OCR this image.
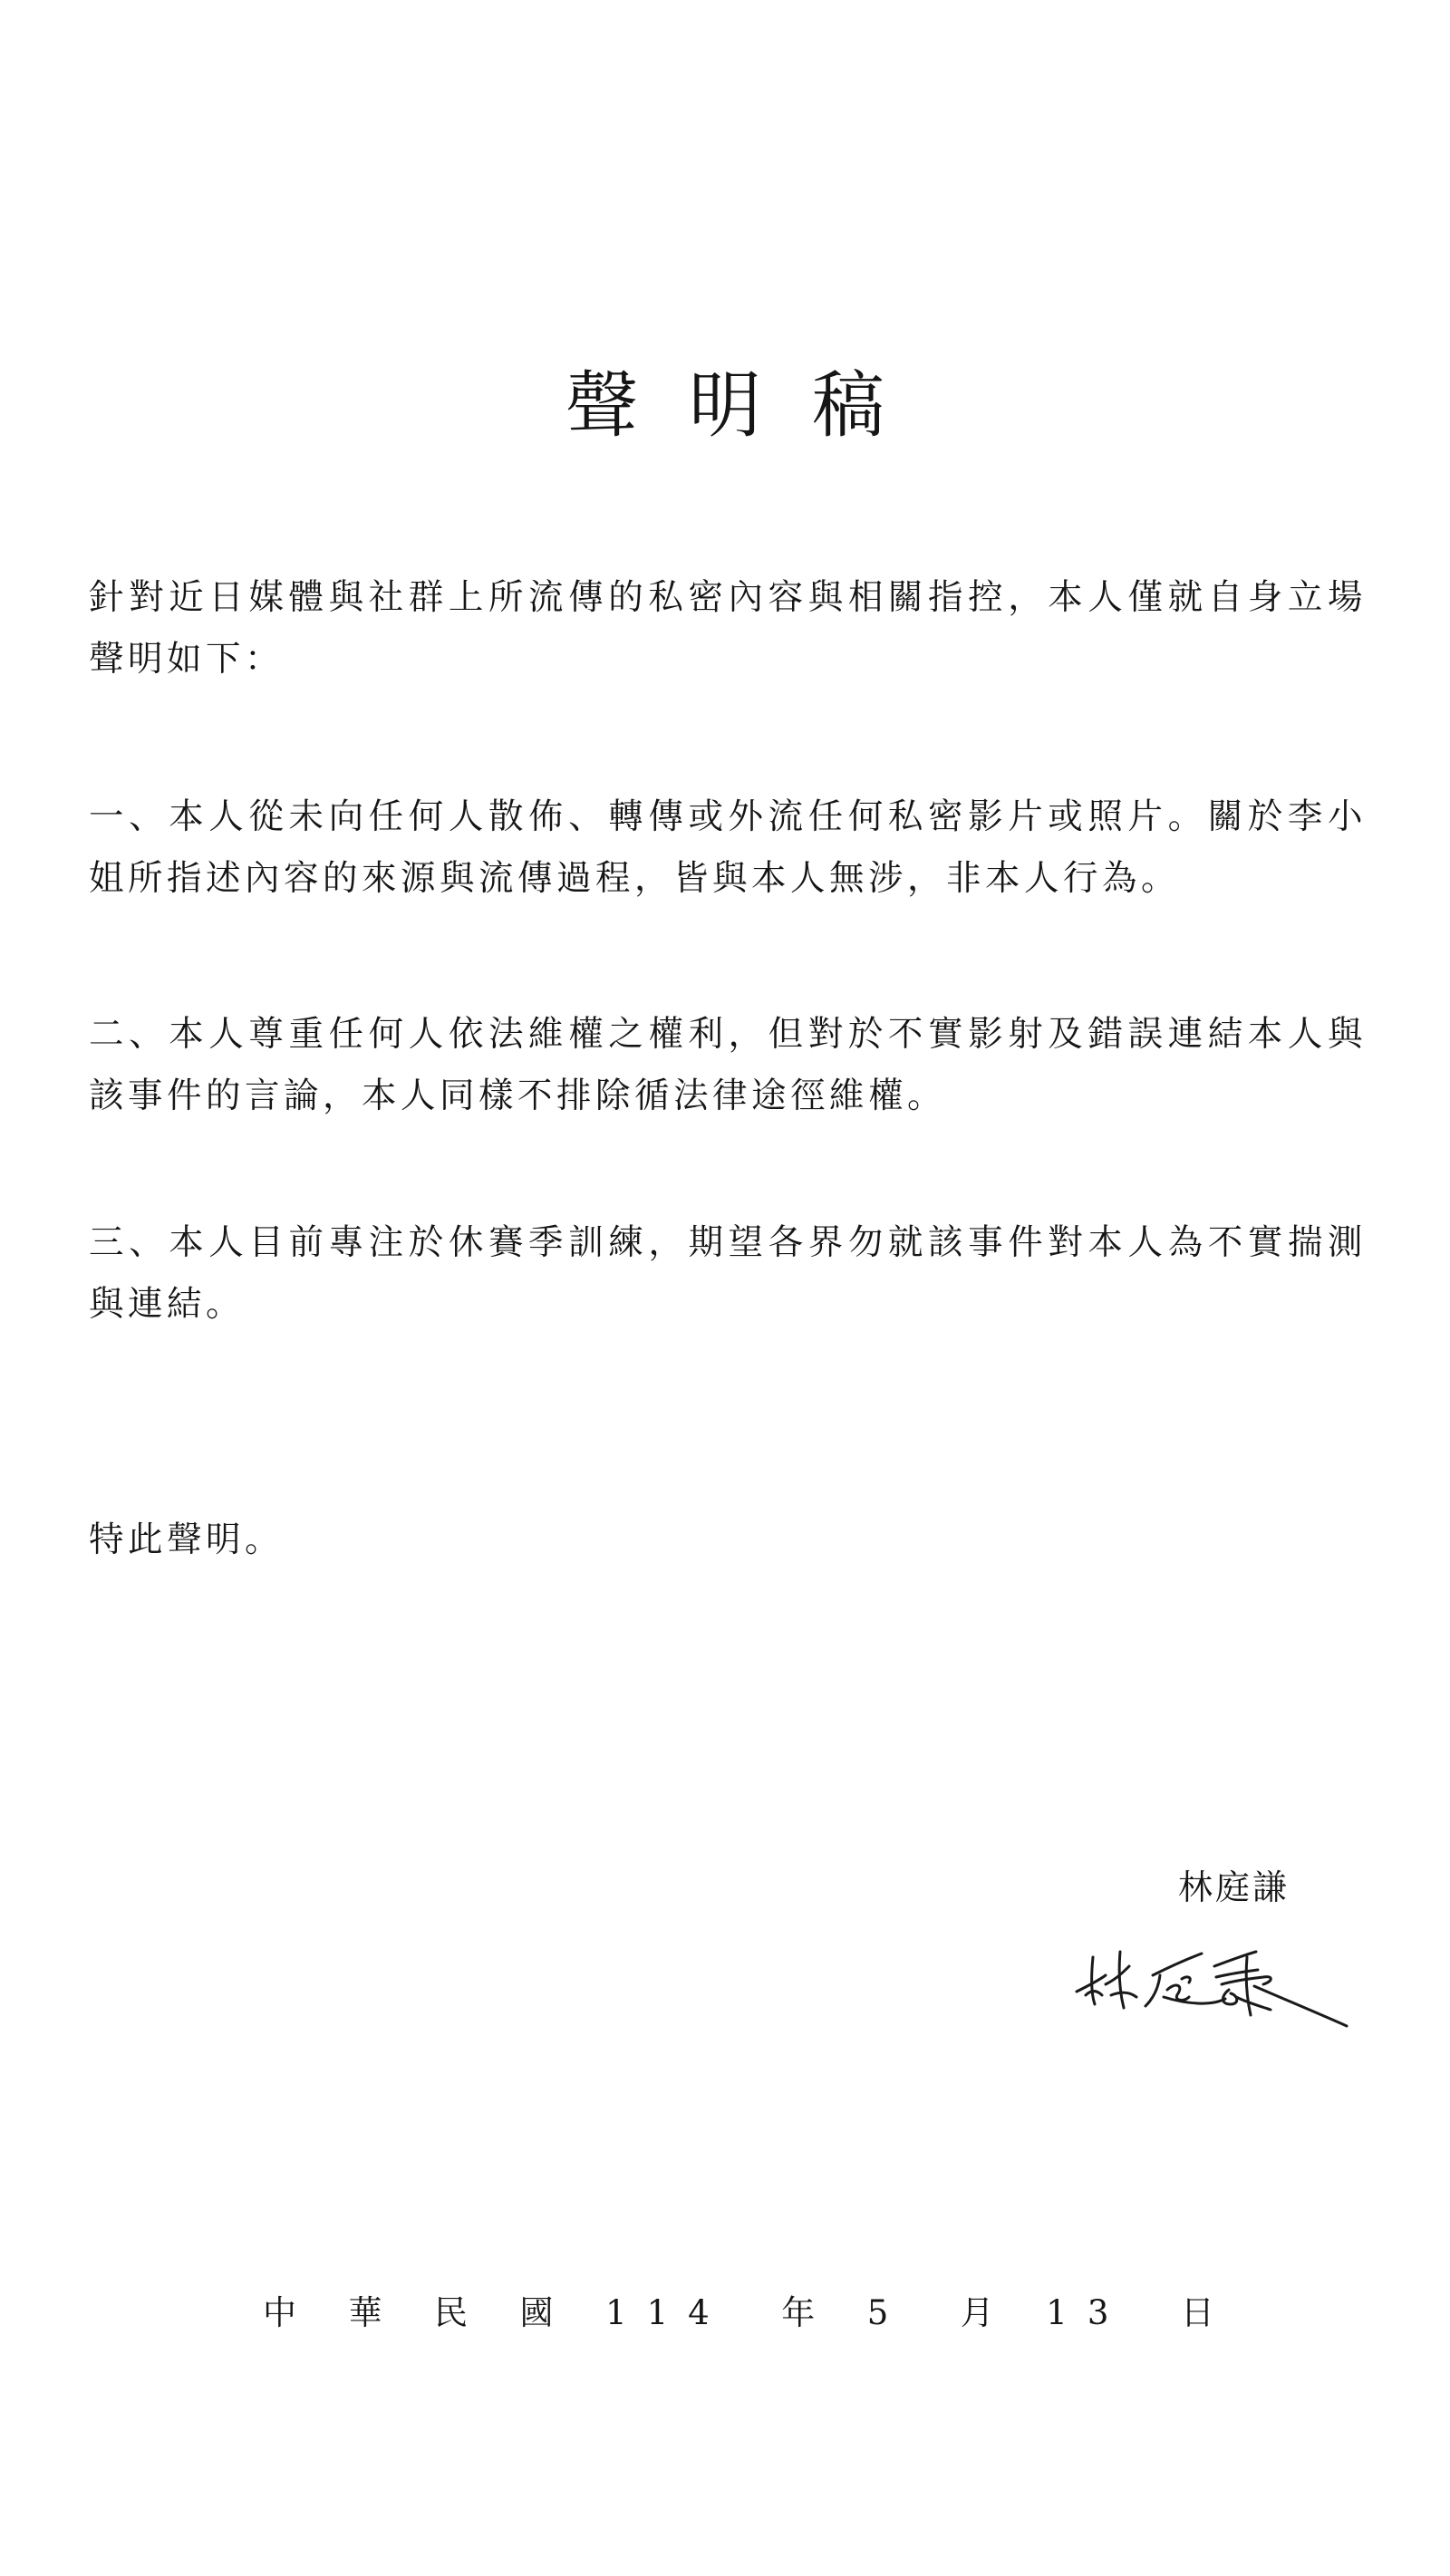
聲明稿

針對近日媒體與社群上所流傳的私密內容與相關指控，本人僅就自身立場聲明如下：

一、本人從未向任何人散佈、轉傳或外流任何私密影片或照片。關於李小姐所指述內容的來源與流傳過程，皆與本人無涉，非本人行為。

二、本人尊重任何人依法維權之權利，但對於不實影射及錯誤連結本人與該事件的言論，本人同樣不排除循法律途徑維權。

三、本人目前專注於休賽季訓練，期望各界勿就該事件對本人為不實揣測與連結。

特此聲明。

林庭謙
中 華 民 國 114 年 5 月 13 日
